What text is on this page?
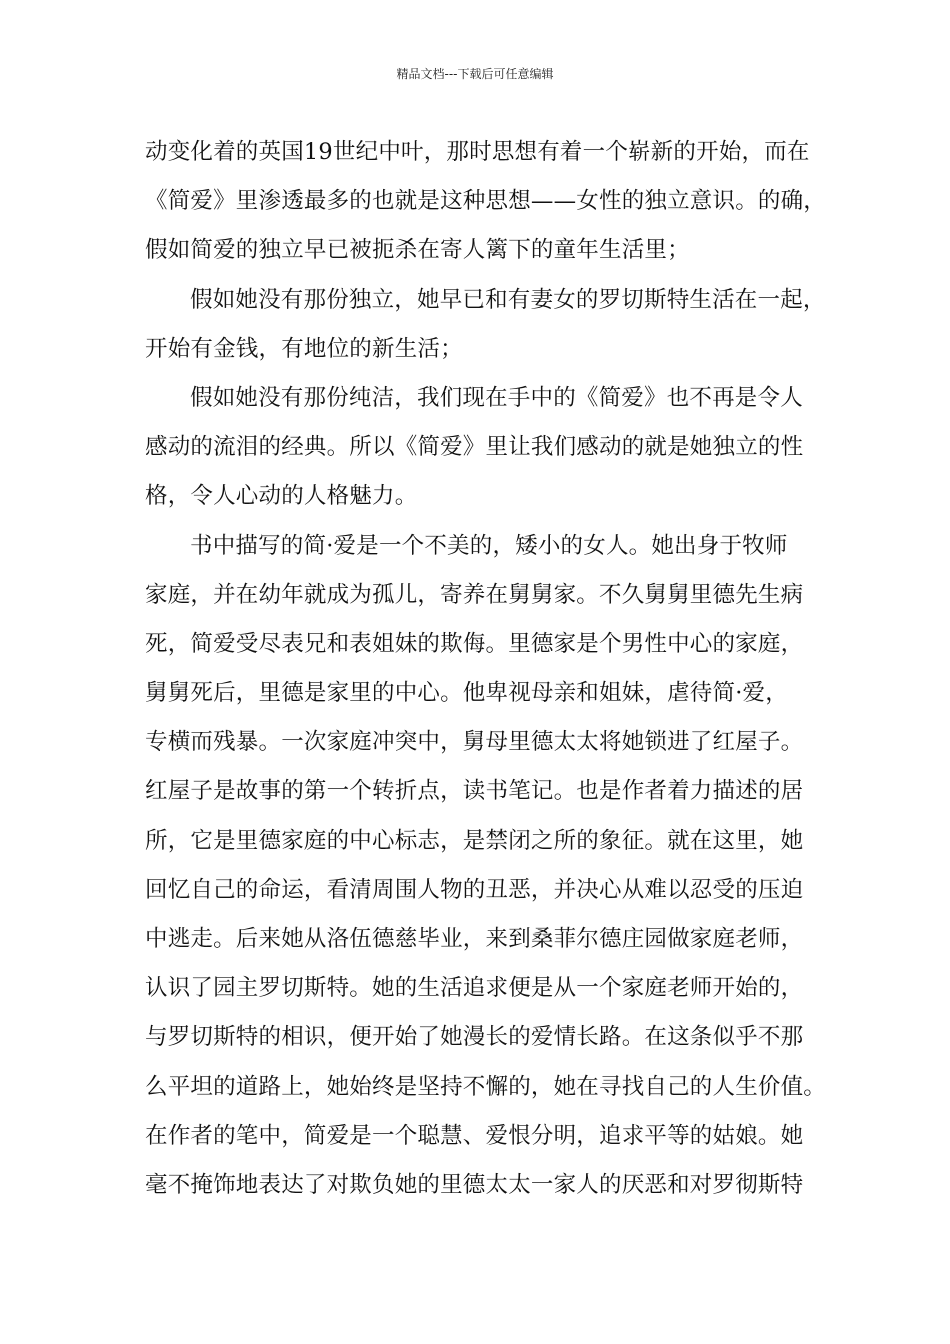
精品文档---下载后可任意编辑
动变化着的英国19世纪中叶，那时思想有着一个崭新的开始，而在
《简爱》里渗透最多的也就是这种思想——女性的独立意识。的确，
假如简爱的独立早已被扼杀在寄人篱下的童年生活里；
假如她没有那份独立，她早已和有妻女的罗切斯特生活在一起，
开始有金钱，有地位的新生活；
假如她没有那份纯洁，我们现在手中的《简爱》也不再是令人
感动的流泪的经典。所以《简爱》里让我们感动的就是她独立的性
格，令人心动的人格魅力。
书中描写的简·爱是一个不美的，矮小的女人。她出身于牧师
家庭，并在幼年就成为孤儿，寄养在舅舅家。不久舅舅里德先生病
死，简爱受尽表兄和表姐妹的欺侮。里德家是个男性中心的家庭，
舅舅死后，里德是家里的中心。他卑视母亲和姐妹，虐待简·爱，
专横而残暴。一次家庭冲突中，舅母里德太太将她锁进了红屋子。
红屋子是故事的第一个转折点，读书笔记。也是作者着力描述的居
所，它是里德家庭的中心标志，是禁闭之所的象征。就在这里，她
回忆自己的命运，看清周围人物的丑恶，并决心从难以忍受的压迫
中逃走。后来她从洛伍德慈毕业，来到桑菲尔德庄园做家庭老师，
认识了园主罗切斯特。她的生活追求便是从一个家庭老师开始的，
与罗切斯特的相识，便开始了她漫长的爱情长路。在这条似乎不那
么平坦的道路上，她始终是坚持不懈的，她在寻找自己的人生价值。
在作者的笔中，简爱是一个聪慧、爱恨分明，追求平等的姑娘。她
毫不掩饰地表达了对欺负她的里德太太一家人的厌恶和对罗彻斯特
